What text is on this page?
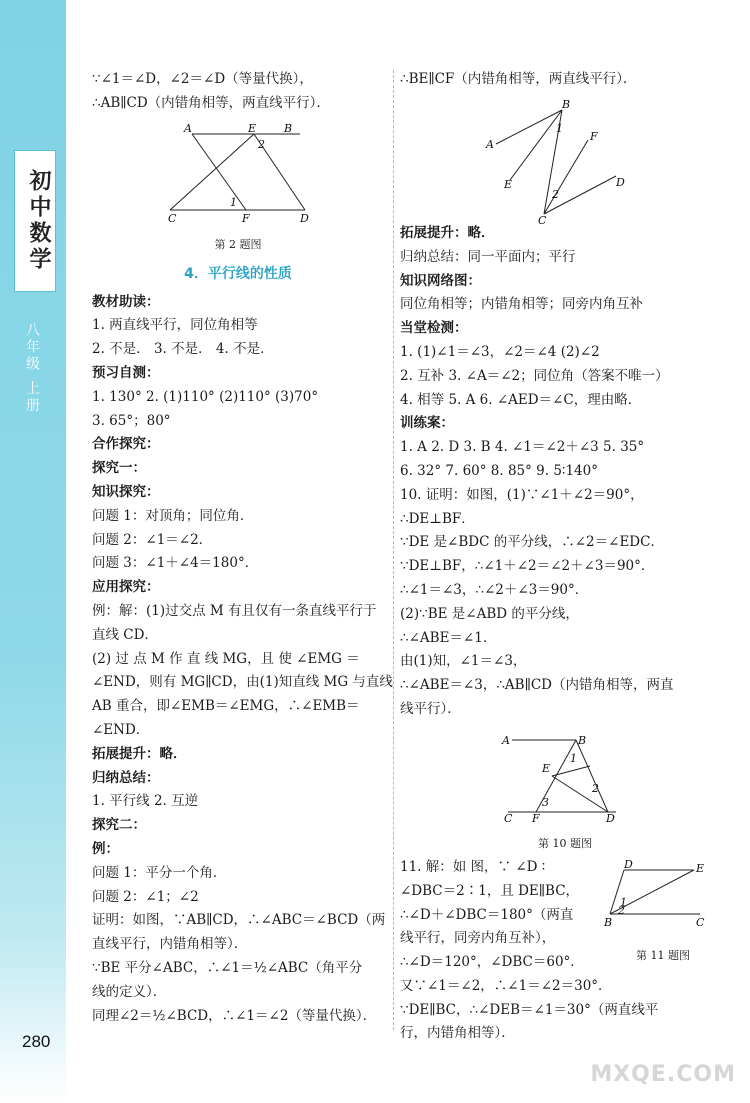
初中数学
八年级 上册
280

∵∠1＝∠D，∠2＝∠D（等量代换），

∴AB∥CD（内错角相等，两直线平行）．

A	E	B
2
1
C	F	D

第 2 题图

4．平行线的性质

教材助读：

1. 两直线平行，同位角相等

2. 不是． 3. 不是． 4. 不是．

预习自测：

1. 130° 2. (1)110° (2)110° (3)70°

3. 65°；80°

合作探究：

探究一：

知识探究：

问题 1：对顶角；同位角．

问题 2：∠1＝∠2．

问题 3：∠1＋∠4＝180°．

应用探究：

例：解：(1)过交点 M 有且仅有一条直线平行于

直线 CD．

(2) 过 点 M 作 直 线 MG，且 使 ∠EMG ＝

∠END，则有 MG∥CD，由(1)知直线 MG 与直线

AB 重合，即∠EMB＝∠EMG，∴∠EMB＝

∠END．

拓展提升：略．

归纳总结：

1. 平行线 2. 互逆

探究二：

例：

问题 1：平分一个角．

问题 2：∠1；∠2

证明：如图，∵AB∥CD，∴∠ABC＝∠BCD（两

直线平行，内错角相等）．

∵BE 平分∠ABC，∴∠1＝½∠ABC（角平分

线的定义）．

同理∠2＝½∠BCD，∴∠1＝∠2（等量代换）．

∴BE∥CF（内错角相等，两直线平行）．

B
A
F
1
E
2
D
C

拓展提升：略．

归纳总结：同一平面内；平行

知识网络图：

同位角相等；内错角相等；同旁内角互补

当堂检测：

1. (1)∠1＝∠3，∠2＝∠4 (2)∠2

2. 互补 3. ∠A＝∠2；同位角（答案不唯一）

4. 相等 5. A 6. ∠AED＝∠C，理由略．

训练案：

1. A 2. D 3. B 4. ∠1＝∠2＋∠3 5. 35°

6. 32° 7. 60° 8. 85° 9. 5∶140°

10. 证明：如图，(1)∵∠1＋∠2＝90°，

∴DE⊥BF．

∵DE 是∠BDC 的平分线，∴∠2＝∠EDC．

∵DE⊥BF，∴∠1＋∠2＝∠2＋∠3＝90°．

∴∠1＝∠3，∴∠2＋∠3＝90°．

(2)∵BE 是∠ABD 的平分线，

∴∠ABE＝∠1．

由(1)知，∠1＝∠3，

∴∠ABE＝∠3，∴AB∥CD（内错角相等，两直

线平行）．

A	B
1
E
2
3
C F	D

第 10 题图

11. 解：如 图，∵ ∠D ∶

∠DBC＝2∶1，且 DE∥BC，

∴∠D＋∠DBC＝180°（两直

线平行，同旁内角互补），

D	E
1
2
B	C

第 11 题图

∴∠D＝120°，∠DBC＝60°．

又∵∠1＝∠2，∴∠1＝∠2＝30°．

∵DE∥BC，∴∠DEB＝∠1＝30°（两直线平

行，内错角相等）．

MXQE.COM
